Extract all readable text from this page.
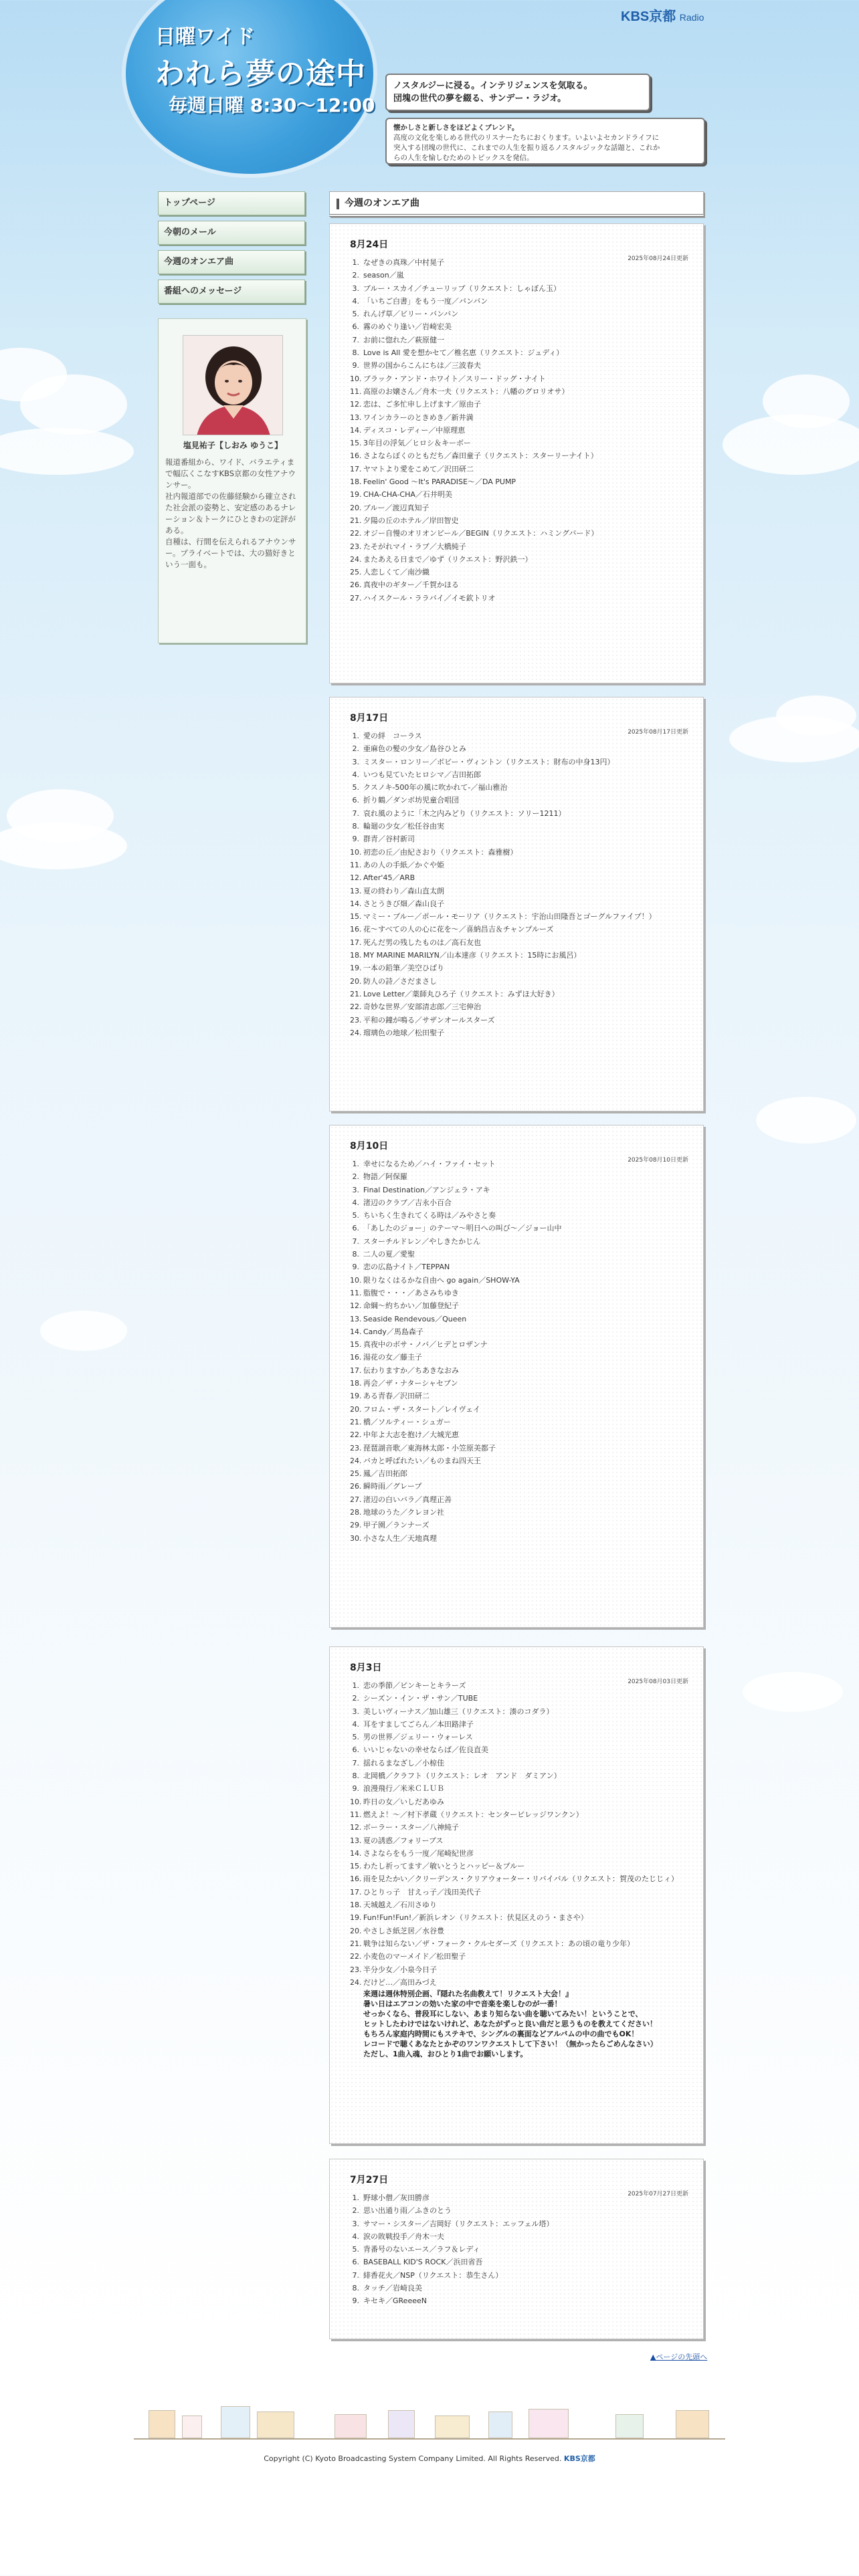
日曜ワイド
われら夢の途中
毎週日曜 8:30～12:00
KBS京都 Radio
ノスタルジーに浸る。インテリジェンスを気取る。
団塊の世代の夢を綴る、サンデー・ラジオ。
懐かしさと新しさをほどよくブレンド。
高度の文化を楽しめる世代のリスナーたちにおくります。いよいよセカンドライフに
突入する団塊の世代に、これまでの人生を振り返るノスタルジックな話題と、これか
らの人生を愉しむためのトピックスを発信。
トップページ
今朝のメール
今週のオンエア曲
番組へのメッセージ
塩見祐子【しおみ ゆうこ】

報道番組から、ワイド、バラエティまで幅広くこなすKBS京都の女性アナウンサー。

社内報道部での佐藤経験から確立された社会派の姿勢と、安定感のあるナレーション＆トークにひときわの定評がある。

自種は、行間を伝えられるアナウンサー。プライベートでは、大の猫好きという一面も。

今週のオンエア曲
8月24日
2025年08月24日更新
1. なぜきの真珠／中村晃子
2. season／嵐
3. ブルー・スカイ／チューリップ（リクエスト：しゃぼん玉）
4. 「いちご白書」をもう一度／バンバン
5. れんげ草／ビリー・バンバン
6. 霧のめぐり逢い／岩崎宏美
7. お前に惚れた／萩原健一
8. Love is All 愛を想かセて／椎名恵（リクエスト：ジュディ）
9. 世界の国からこんにちは／三波春夫
10. ブラック・アンド・ホワイト／スリー・ドッグ・ナイト
11. 高原のお嬢さん／舟木一夫（リクエスト：八幡のグロリオサ）
12. 恋は、ご多忙申し上げます／原由子
13. ワインカラーのときめき／新井満
14. ディスコ・レディー／中原理恵
15. 3年目の浮気／ヒロシ＆キーボー
16. さよならぼくのともだち／森田童子（リクエスト：スターリーナイト）
17. ヤマトより愛をこめて／沢田研二
18. Feelin' Good ～It's PARADISE～／DA PUMP
19. CHA-CHA-CHA／石井明美
20. ブルー／渡辺真知子
21. 夕陽の丘のホテル／岸田智史
22. オジー自慢のオリオンビール／BEGIN（リクエスト：ハミングバード）
23. たそがれマイ・ラブ／大橋純子
24. またあえる日まで／ゆず（リクエスト：野沢鉄一）
25. 人恋しくて／南沙織
26. 真夜中のギター／千賀かほる
27. ハイスクール・ララバイ／イモ欽トリオ
8月17日
2025年08月17日更新
1. 愛の絆　コーラス
2. 亜麻色の髪の少女／島谷ひとみ
3. ミスター・ロンリー／ボビー・ヴィントン（リクエスト：財布の中身13円）
4. いつも見ていたヒロシマ／吉田拓郎
5. クスノキ-500年の風に吹かれて-／福山雅治
6. 折り鶴／ダンボ坊児童合唱団
7. 哀れ風のように「木之内みどり（リクエスト：ソリー1211）
8. 輪廻の少女／松任谷由実
9. 群青／谷村新司
10. 初恋の丘／由紀さおり（リクエスト：森雅樹）
11. あの人の手紙／かぐや姫
12. After'45／ARB
13. 夏の終わり／森山直太朗
14. さとうきび畑／森山良子
15. マミー・ブルー／ポール・モーリア（リクエスト：宇治山田隆吾とゴーグルファイブ！）
16. 花～すべての人の心に花を～／喜納昌吉＆チャンプルーズ
17. 死んだ男の残したものは／高石友也
18. MY MARINE MARILYN／山本達彦（リクエスト：15時にお風呂）
19. 一本の鉛筆／美空ひばり
20. 防人の詩／さだまさし
21. Love Letter／薬師丸ひろ子（リクエスト：みずほ大好き）
22. 奇妙な世界／安部清志郎／三宅伸治
23. 平和の鐘が鳴る／サザンオールスターズ
24. 瑠璃色の地球／松田聖子
8月10日
2025年08月10日更新
1. 幸せになるため／ハイ・ファイ・セット
2. 物語／阿保羅
3. Final Destination／アンジェラ・アキ
4. 渚辺のクラブ／吉永小百合
5. ちいちく生きれてくる時は／みやさと奏
6. 「あしたのジョー」のテーマ～明日への叫び～／ジョー山中
7. スターチルドレン／やしきたかじん
8. 二人の夏／愛聖
9. 恋の広島ナイト／TEPPAN
10. 限りなくはるかな自由へ go again／SHOW-YA
11. 脂腹で・・・／あさみちゆき
12. 命綱～約ちかい／加藤登紀子
13. Seaside Rendevous／Queen
14. Candy／馬島森子
15. 真夜中のボサ・ノバ／ヒデとロザンナ
16. 湯花の女／藤圭子
17. 伝わりますか／ちあきなおみ
18. 再会／ザ・ナターシャセブン
19. ある青春／沢田研二
20. フロム・ザ・スタート／レイヴェイ
21. 橋／ソルティー・シュガー
22. 中年よ大志を抱け／大城光恵
23. 琵琶湖音歌／東海林太郎・小笠原美都子
24. バカと呼ばれたい／ものまね四天王
25. 鳳／吉田拓郎
26. 瞬時雨／グレープ
27. 渚辺の白いバラ／真理正善
28. 地球のうた／クレヨン社
29. 甲子園／ランナーズ
30. 小さな人生／天地真理
8月3日
2025年08月03日更新
1. 恋の季節／ピンキーとキラーズ
2. シーズン・イン・ザ・サン／TUBE
3. 美しいヴィーナス／加山雄三（リクエスト：湊のコダラ）
4. 耳をすましてごらん／本田路津子
5. 男の世界／ジェリー・ウォーレス
6. いいじゃないの幸せならば／佐良直美
7. 揺れるまなざし／小椋佳
8. 北岡橋／クラフト（リクエスト：レオ　アンド　ダミアン）
9. 浪漫飛行／米米ＣＬＵＢ
10. 昨日の女／いしだあゆみ
11. 燃えよ！～／村下孝蔵（リクエスト：センタービレッジワンクン）
12. ボーラー・スター／八神純子
13. 夏の誘惑／フォリーブス
14. さよならをもう一度／尾崎紀世彦
15. わたし祈ってます／敏いとうとハッピー＆ブルー
16. 雨を見たかい／クリーデンス・クリアウォーター・リバイバル（リクエスト：賀茂のたじじィ）
17. ひとりっ子　甘えっ子／浅田美代子
18. 天城越え／石川さゆり
19. Fun!Fun!Fun!／新浜レオン（リクエスト：伏見区えのう・まさや）
20. やさしさ紙芝居／水谷豊
21. 戦争は知らない／ザ・フォーク・クルセダーズ（リクエスト：あの頃の竜り少年）
22. 小麦色のマーメイド／松田聖子
23. 半分少女／小泉今日子
24. だけど…／高田みづえ

来週は週休特別企画、『隠れた名曲教えて！リクエスト大会！』

暑い日はエアコンの効いた家の中で音楽を楽しむのが一番！

せっかくなら、普段耳にしない、あまり知らない曲を聴いてみたい！ということで、

ヒットしたわけではないけれど、あなたがずっと良い曲だと思うものを教えてください！

もちろん家庭内時間にもステキで、シングルの裏面などアルバムの中の曲でもOK！

レコードで聴くあなたとかぞのワンワクエストして下さい！（無かったらごめんなさい）

ただし、1曲入魂、おひとり1曲でお願いします。

7月27日
2025年07月27日更新
1. 野球小僧／灰田勝彦
2. 思い出通り雨／ふきのとう
3. サマー・シスター／吉岡好（リクエスト：エッフェル塔）
4. 涙の敗戦投手／舟木一夫
5. 背番号のないエース／ラフ＆レディ
6. BASEBALL KID'S ROCK／浜田省吾
7. 緋香花火／NSP（リクエスト：恭生さん）
8. タッチ／岩崎良美
9. キセキ／GReeeeN
▲ページの先頭へ
Copyright (C) Kyoto Broadcasting System Company Limited. All Rights Reserved. KBS京都
